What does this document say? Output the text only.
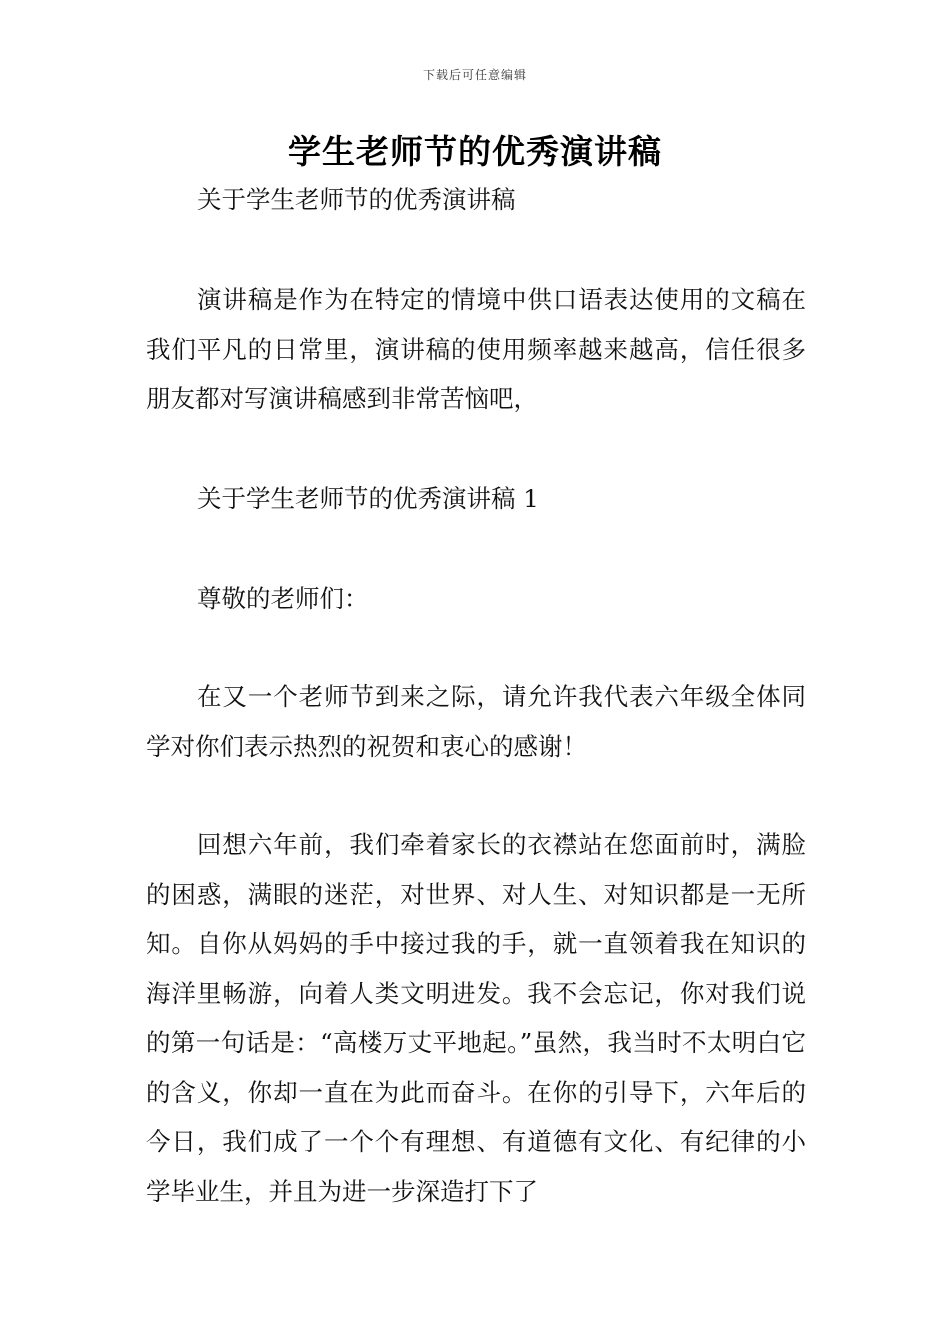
下载后可任意编辑
学生老师节的优秀演讲稿

关于学生老师节的优秀演讲稿

演讲稿是作为在特定的情境中供口语表达使用的文稿在我们平凡的日常里，演讲稿的使用频率越来越高，信任很多朋友都对写演讲稿感到非常苦恼吧，

关于学生老师节的优秀演讲稿 1

尊敬的老师们：

在又一个老师节到来之际，请允许我代表六年级全体同学对你们表示热烈的祝贺和衷心的感谢！

回想六年前，我们牵着家长的衣襟站在您面前时，满脸的困惑，满眼的迷茫，对世界、对人生、对知识都是一无所知。自你从妈妈的手中接过我的手，就一直领着我在知识的海洋里畅游，向着人类文明进发。我不会忘记，你对我们说的第一句话是：“高楼万丈平地起。”虽然，我当时不太明白它的含义，你却一直在为此而奋斗。在你的引导下，六年后的今日，我们成了一个个有理想、有道德有文化、有纪律的小学毕业生，并且为进一步深造打下了
